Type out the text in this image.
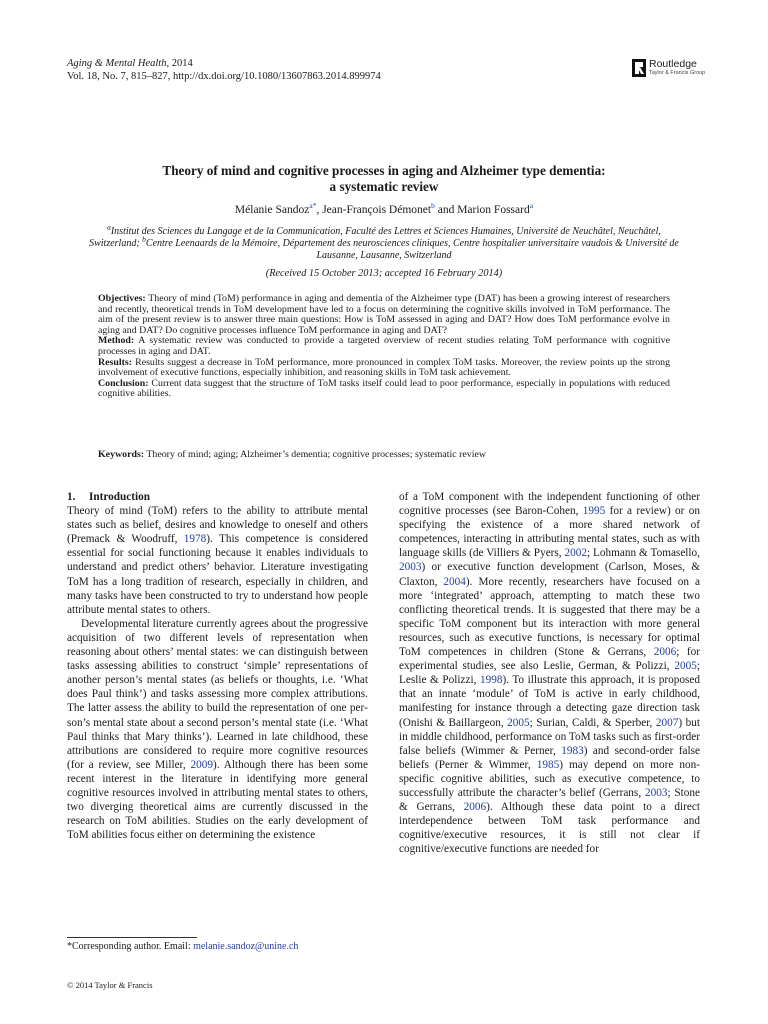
Aging & Mental Health, 2014
Vol. 18, No. 7, 815–827, http://dx.doi.org/10.1080/13607863.2014.899974
Routledge
Taylor & Francis Group
Theory of mind and cognitive processes in aging and Alzheimer type dementia:
a systematic review
Mélanie Sandoz$^{a*}$, Jean-François Démonet$^b$ and Marion Fossard$^a$
$^a$Institut des Sciences du Langage et de la Communication, Faculté des Lettres et Sciences Humaines, Université de Neuchâtel, Neuchâtel, Switzerland; $^b$Centre Leenaards de la Mémoire, Département des neurosciences cliniques, Centre hospitalier universitaire vaudois & Université de Lausanne, Lausanne, Switzerland
(Received 15 October 2013; accepted 16 February 2014)

Objectives: Theory of mind (ToM) performance in aging and dementia of the Alzheimer type (DAT) has been a growing interest of researchers and recently, theoretical trends in ToM development have led to a focus on determining the cognitive skills involved in ToM performance. The aim of the present review is to answer three main questions: How is ToM assessed in aging and DAT? How does ToM performance evolve in aging and DAT? Do cognitive processes influence ToM performance in aging and DAT?

Method: A systematic review was conducted to provide a targeted overview of recent studies relating ToM performance with cognitive processes in aging and DAT.

Results: Results suggest a decrease in ToM performance, more pronounced in complex ToM tasks. Moreover, the review points up the strong involvement of executive functions, especially inhibition, and reasoning skills in ToM task achievement.

Conclusion: Current data suggest that the structure of ToM tasks itself could lead to poor performance, especially in populations with reduced cognitive abilities.

Keywords: Theory of mind; aging; Alzheimer’s dementia; cognitive processes; systematic review
1. Introduction

Theory of mind (ToM) refers to the ability to attribute mental states such as belief, desires and knowledge to oneself and others (Premack & Woodruff, 1978). This competence is considered essential for social functioning because it enables individuals to understand and predict others’ behavior. Literature investigating ToM has a long tradition of research, especially in children, and many tasks have been constructed to try to understand how people attribute mental states to others.

Developmental literature currently agrees about the progressive acquisition of two different levels of representation when reasoning about others’ mental states: we can distinguish between tasks assessing abilities to construct ‘simple’ representations of another person’s mental states (as beliefs or thoughts, i.e. ‘What does Paul think’) and tasks assessing more complex attributions. The latter assess the ability to build the representation of one person’s mental state about a second person’s mental state (i.e. ‘What Paul thinks that Mary thinks’). Learned in late childhood, these attributions are considered to require more cognitive resources (for a review, see Miller, 2009). Although there has been some recent interest in the literature in identifying more general cognitive resources involved in attributing mental states to others, two diverging theoretical aims are currently discussed in the research on ToM abilities. Studies on the early development of ToM abilities focus either on determining the existence

of a ToM component with the independent functioning of other cognitive processes (see Baron-Cohen, 1995 for a review) or on specifying the existence of a more shared network of competences, interacting in attributing mental states, such as with language skills (de Villiers & Pyers, 2002; Lohmann & Tomasello, 2003) or executive function development (Carlson, Moses, & Claxton, 2004). More recently, researchers have focused on a more ‘integrated’ approach, attempting to match these two conflicting theoretical trends. It is suggested that there may be a specific ToM component but its interaction with more general resources, such as executive functions, is necessary for optimal ToM competences in children (Stone & Gerrans, 2006; for experimental studies, see also Leslie, German, & Polizzi, 2005; Leslie & Polizzi, 1998). To illustrate this approach, it is proposed that an innate ‘module’ of ToM is active in early childhood, manifesting for instance through a detecting gaze direction task (Onishi & Baillargeon, 2005; Surian, Caldi, & Sperber, 2007) but in middle childhood, performance on ToM tasks such as first-order false beliefs (Wimmer & Perner, 1983) and second-order false beliefs (Perner & Wimmer, 1985) may depend on more non-specific cognitive abilities, such as executive competence, to successfully attribute the character’s belief (Gerrans, 2003; Stone & Gerrans, 2006). Although these data point to a direct interdependence between ToM task performance and cognitive/executive resources, it is still not clear if cognitive/executive functions are needed for

*Corresponding author. Email: melanie.sandoz@unine.ch
© 2014 Taylor & Francis
